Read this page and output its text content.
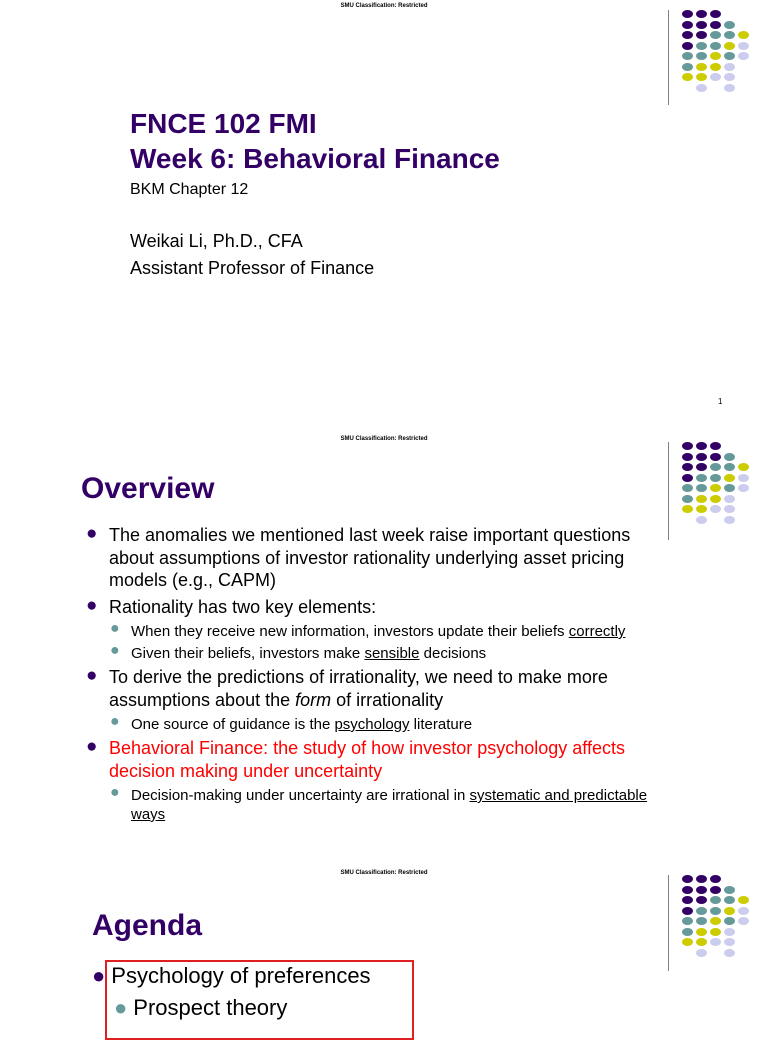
SMU Classification: Restricted
FNCE 102 FMI
Week 6: Behavioral Finance
BKM Chapter 12
Weikai Li, Ph.D., CFA
Assistant Professor of Finance
1
SMU Classification: Restricted
Overview
● The anomalies we mentioned last week raise important questions about assumptions of investor rationality underlying asset pricing models (e.g., CAPM)
● Rationality has two key elements:
● When they receive new information, investors update their beliefs correctly
● Given their beliefs, investors make sensible decisions
● To derive the predictions of irrationality, we need to make more assumptions about the form of irrationality
● One source of guidance is the psychology literature
● Behavioral Finance: the study of how investor psychology affects decision making under uncertainty
● Decision-making under uncertainty are irrational in systematic and predictable ways
SMU Classification: Restricted
Agenda
● Psychology of preferences
● Prospect theory
